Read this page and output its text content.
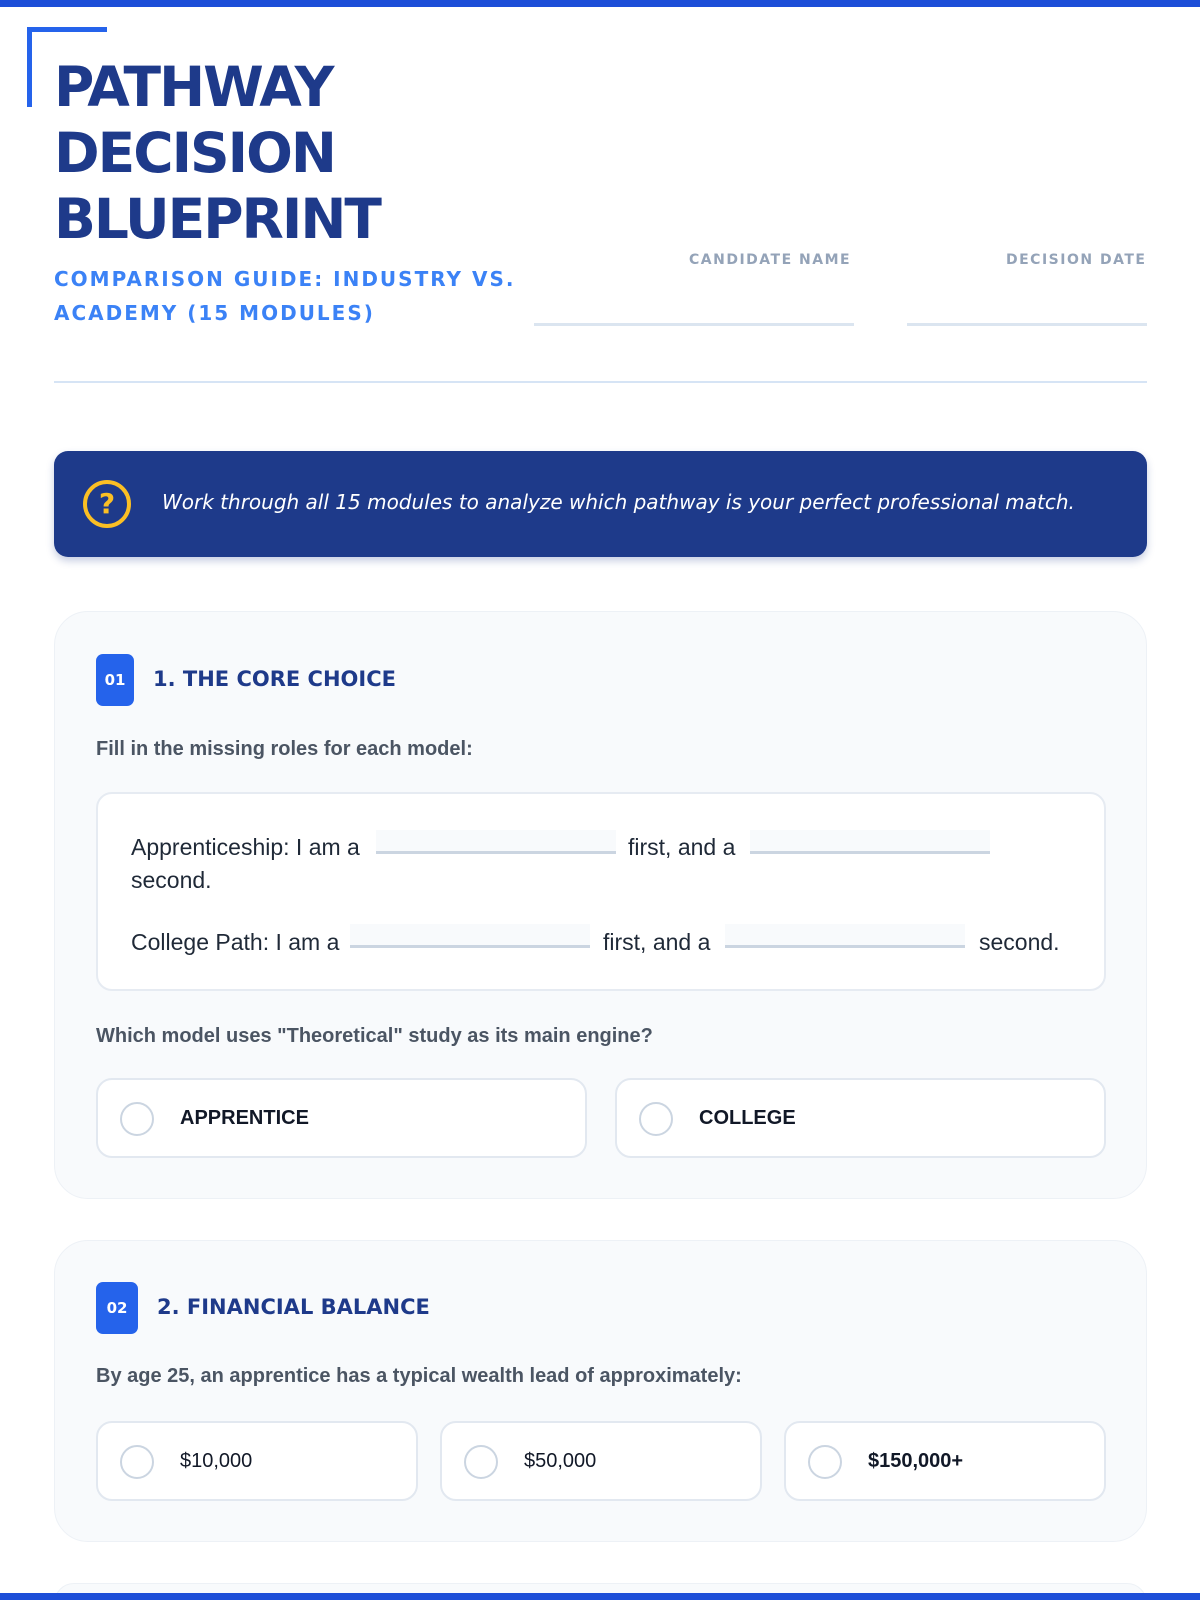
PATHWAY
DECISION
BLUEPRINT
COMPARISON GUIDE: INDUSTRY VS. ACADEMY (15 MODULES)
CANDIDATE NAME	DECISION DATE
?	Work through all 15 modules to analyze which pathway is your perfect professional match.
01	1. THE CORE CHOICE
Fill in the missing roles for each model:
Apprenticeship: I am a	first, and a
second.
College Path: I am a	first, and a	second.
Which model uses "Theoretical" study as its main engine?
APPRENTICE	COLLEGE
02	2. FINANCIAL BALANCE
By age 25, an apprentice has a typical wealth lead of approximately:
$10,000	$50,000	$150,000+
